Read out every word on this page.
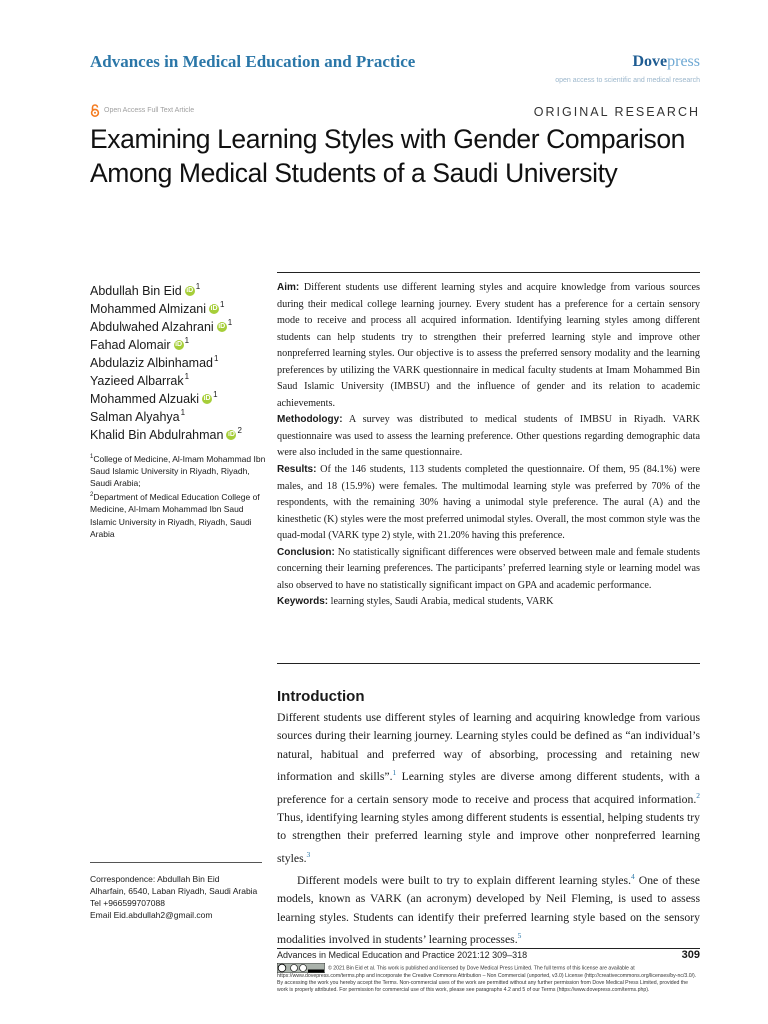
Advances in Medical Education and Practice	Dovepress
open access to scientific and medical research
Open Access Full Text Article	ORIGINAL RESEARCH
Examining Learning Styles with Gender Comparison Among Medical Students of a Saudi University
Abdullah Bin Eid iD $^1$
Mohammed Almizani iD $^1$
Abdulwahed Alzahrani iD $^1$
Fahad Alomair iD $^1$
Abdulaziz Albinhamad$^1$
Yazieed Albarrak$^1$
Mohammed Alzuaki iD $^1$
Salman Alyahya$^1$
Khalid Bin Abdulrahman iD $^2$
$^1$College of Medicine, Al-Imam Mohammad Ibn Saud Islamic University in Riyadh, Riyadh, Saudi Arabia;
$^2$Department of Medical Education College of Medicine, Al-Imam Mohammad Ibn Saud Islamic University in Riyadh, Riyadh, Saudi Arabia

Aim: Different students use different learning styles and acquire knowledge from various sources during their medical college learning journey. Every student has a preference for a certain sensory mode to receive and process all acquired information. Identifying learning styles among different students can help students try to strengthen their preferred learning style and improve other nonpreferred learning styles. Our objective is to assess the preferred sensory modality and the learning preferences by utilizing the VARK questionnaire in medical faculty students at Imam Mohammed Bin Saud Islamic University (IMBSU) and the influence of gender and its relation to academic achievements.

Methodology: A survey was distributed to medical students of IMBSU in Riyadh. VARK questionnaire was used to assess the learning preference. Other questions regarding demographic data were also included in the same questionnaire.

Results: Of the 146 students, 113 students completed the questionnaire. Of them, 95 (84.1%) were males, and 18 (15.9%) were females. The multimodal learning style was preferred by 70% of the respondents, with the remaining 30% having a unimodal style preference. The aural (A) and the kinesthetic (K) styles were the most preferred unimodal styles. Overall, the most common style was the quad-modal (VARK type 2) style, with 21.20% having this preference.

Conclusion: No statistically significant differences were observed between male and female students concerning their learning preferences. The participants’ preferred learning style or learning model was also observed to have no statistically significant impact on GPA and academic performance.

Keywords: learning styles, Saudi Arabia, medical students, VARK

Introduction

Different students use different styles of learning and acquiring knowledge from various sources during their learning journey. Learning styles could be defined as “an individual’s natural, habitual and preferred way of absorbing, processing and retaining new information and skills”.$^1$ Learning styles are diverse among different students, with a preference for a certain sensory mode to receive and process that acquired information.$^2$ Thus, identifying learning styles among different students is essential, helping students try to strengthen their preferred learning style and improve other nonpreferred learning styles.$^3$

Different models were built to try to explain different learning styles.$^4$ One of these models, known as VARK (an acronym) developed by Neil Fleming, is used to assess learning styles. Students can identify their preferred learning style based on the sensory modalities involved in students’ learning processes.$^5$

Correspondence: Abdullah Bin Eid
Alharfain, 6540, Laban Riyadh, Saudi Arabia
Tel +966599707088
Email Eid.abdullah2@gmail.com
Advances in Medical Education and Practice 2021:12 309–318	309
© 2021 Bin Eid et al. This work is published and licensed by Dove Medical Press Limited. The full terms of this license are available at https://www.dovepress.com/terms.php and incorporate the Creative Commons Attribution – Non Commercial (unported, v3.0) License (http://creativecommons.org/licenses/by-nc/3.0/). By accessing the work you hereby accept the Terms. Non-commercial uses of the work are permitted without any further permission from Dove Medical Press Limited, provided the work is properly attributed. For permission for commercial use of this work, please see paragraphs 4.2 and 5 of our Terms (https://www.dovepress.com/terms.php).
